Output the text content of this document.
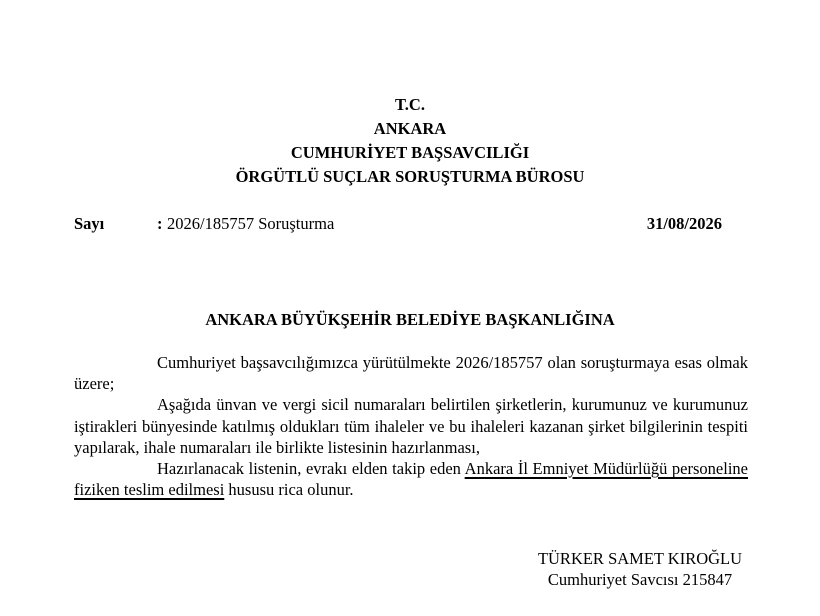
T.C.
ANKARA
CUMHURİYET BAŞSAVCILIĞI
ÖRGÜTLÜ SUÇLAR SORUŞTURMA BÜROSU
Sayı	: 2026/185757 Soruşturma	31/08/2026
ANKARA BÜYÜKŞEHİR BELEDİYE BAŞKANLIĞINA

Cumhuriyet başsavcılığımızca yürütülmekte 2026/185757 olan soruşturmaya esas olmak üzere;

Aşağıda ünvan ve vergi sicil numaraları belirtilen şirketlerin, kurumunuz ve kurumunuz iştirakleri bünyesinde katılmış oldukları tüm ihaleler ve bu ihaleleri kazanan şirket bilgilerinin tespiti yapılarak, ihale numaraları ile birlikte listesinin hazırlanması,

Hazırlanacak listenin, evrakı elden takip eden Ankara İl Emniyet Müdürlüğü personeline fiziken teslim edilmesi hususu rica olunur.

TÜRKER SAMET KIROĞLU
Cumhuriyet Savcısı 215847
